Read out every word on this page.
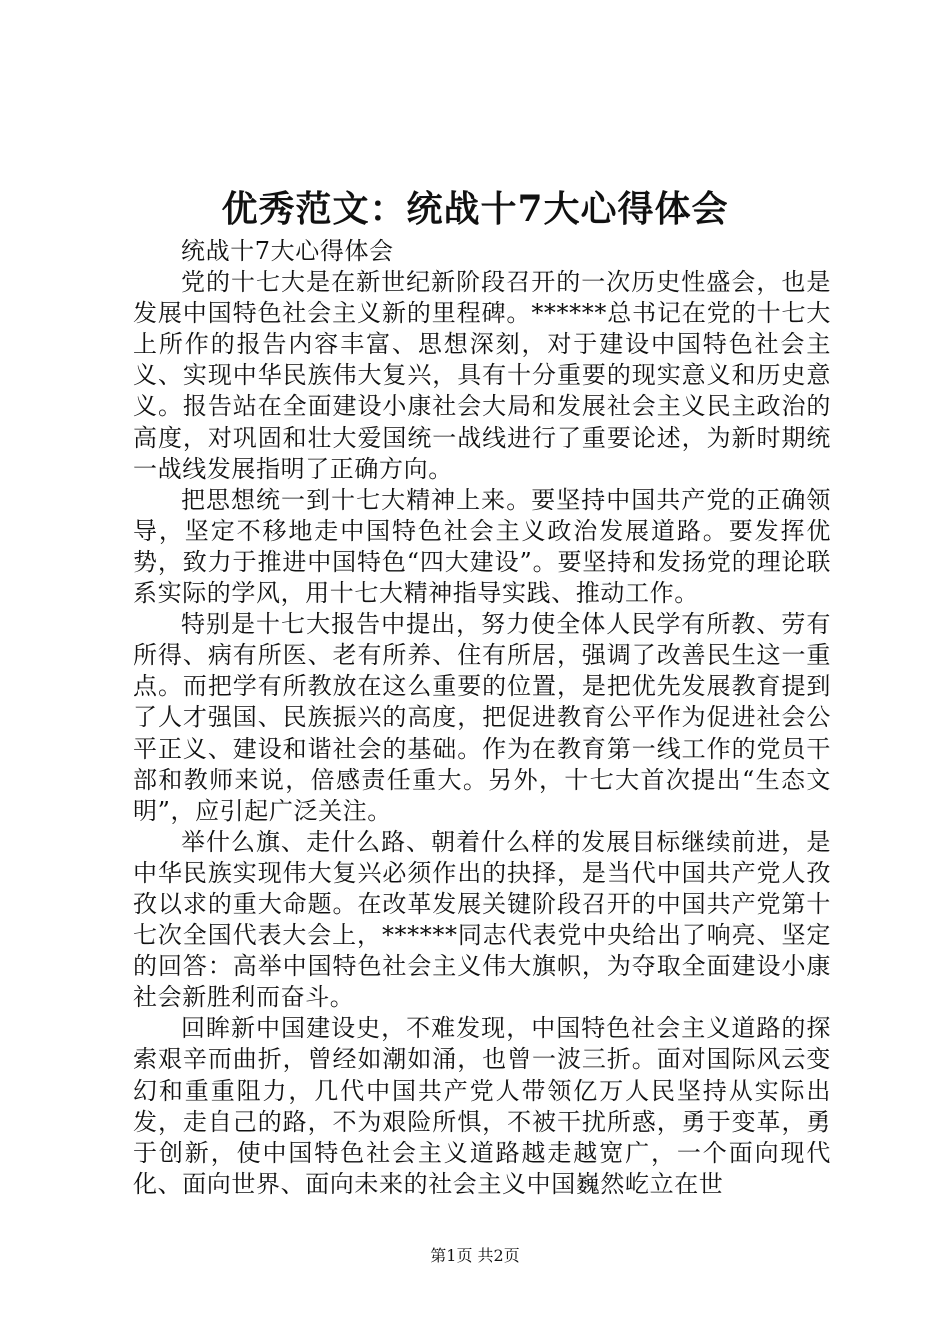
优秀范文：统战十7大心得体会

统战十7大心得体会

党的十七大是在新世纪新阶段召开的一次历史性盛会，也是发展中国特色社会主义新的里程碑。******总书记在党的十七大上所作的报告内容丰富、思想深刻，对于建设中国特色社会主义、实现中华民族伟大复兴，具有十分重要的现实意义和历史意义。报告站在全面建设小康社会大局和发展社会主义民主政治的高度，对巩固和壮大爱国统一战线进行了重要论述，为新时期统一战线发展指明了正确方向。

把思想统一到十七大精神上来。要坚持中国共产党的正确领导，坚定不移地走中国特色社会主义政治发展道路。要发挥优势，致力于推进中国特色“四大建设”。要坚持和发扬党的理论联系实际的学风，用十七大精神指导实践、推动工作。

特别是十七大报告中提出，努力使全体人民学有所教、劳有所得、病有所医、老有所养、住有所居，强调了改善民生这一重点。而把学有所教放在这么重要的位置，是把优先发展教育提到了人才强国、民族振兴的高度，把促进教育公平作为促进社会公平正义、建设和谐社会的基础。作为在教育第一线工作的党员干部和教师来说，倍感责任重大。另外，十七大首次提出“生态文明”，应引起广泛关注。

举什么旗、走什么路、朝着什么样的发展目标继续前进，是中华民族实现伟大复兴必须作出的抉择，是当代中国共产党人孜孜以求的重大命题。在改革发展关键阶段召开的中国共产党第十七次全国代表大会上，******同志代表党中央给出了响亮、坚定的回答：高举中国特色社会主义伟大旗帜，为夺取全面建设小康社会新胜利而奋斗。

回眸新中国建设史，不难发现，中国特色社会主义道路的探索艰辛而曲折，曾经如潮如涌，也曾一波三折。面对国际风云变幻和重重阻力，几代中国共产党人带领亿万人民坚持从实际出发，走自己的路，不为艰险所惧，不被干扰所惑，勇于变革，勇于创新，使中国特色社会主义道路越走越宽广，一个面向现代化、面向世界、面向未来的社会主义中国巍然屹立在世

第1页 共2页
